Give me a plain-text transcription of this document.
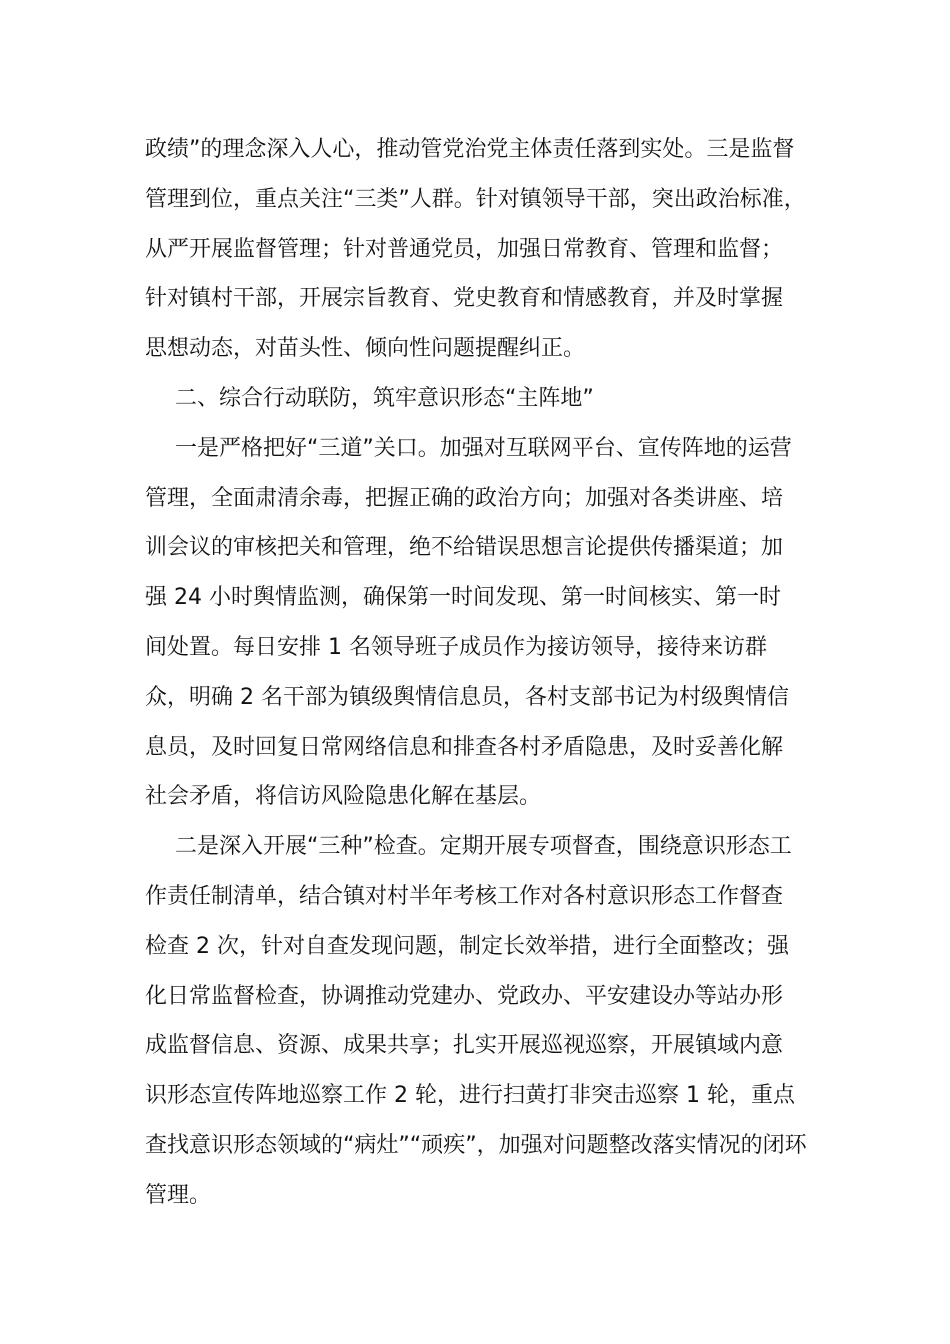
政绩”的理念深入人心，推动管党治党主体责任落到实处。三是监督
管理到位，重点关注“三类”人群。针对镇领导干部，突出政治标准，
从严开展监督管理；针对普通党员，加强日常教育、管理和监督；
针对镇村干部，开展宗旨教育、党史教育和情感教育，并及时掌握
思想动态，对苗头性、倾向性问题提醒纠正。
二、综合行动联防，筑牢意识形态“主阵地”
一是严格把好“三道”关口。加强对互联网平台、宣传阵地的运营
管理，全面肃清余毒，把握正确的政治方向；加强对各类讲座、培
训会议的审核把关和管理，绝不给错误思想言论提供传播渠道；加
强 24 小时舆情监测，确保第一时间发现、第一时间核实、第一时
间处置。每日安排 1 名领导班子成员作为接访领导，接待来访群
众，明确 2 名干部为镇级舆情信息员，各村支部书记为村级舆情信
息员，及时回复日常网络信息和排查各村矛盾隐患，及时妥善化解
社会矛盾，将信访风险隐患化解在基层。
二是深入开展“三种”检查。定期开展专项督查，围绕意识形态工
作责任制清单，结合镇对村半年考核工作对各村意识形态工作督查
检查 2 次，针对自查发现问题，制定长效举措，进行全面整改；强
化日常监督检查，协调推动党建办、党政办、平安建设办等站办形
成监督信息、资源、成果共享；扎实开展巡视巡察，开展镇域内意
识形态宣传阵地巡察工作 2 轮，进行扫黄打非突击巡察 1 轮，重点
查找意识形态领域的“病灶”“顽疾”，加强对问题整改落实情况的闭环
管理。
